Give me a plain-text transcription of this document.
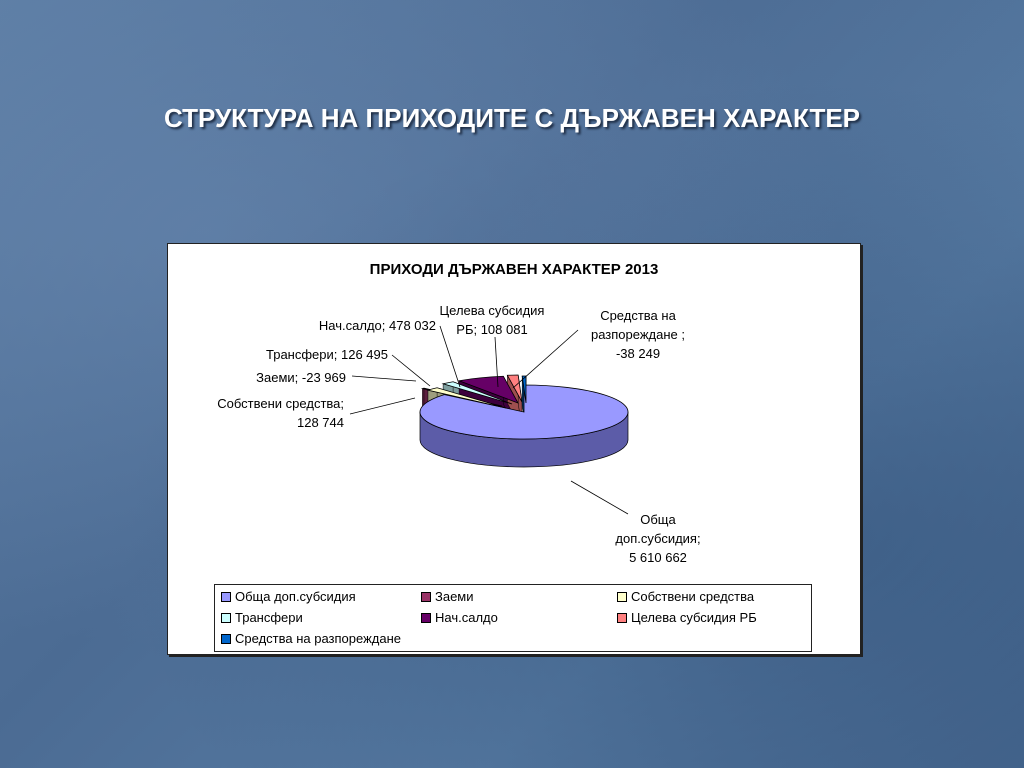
СТРУКТУРА НА ПРИХОДИТЕ С ДЪРЖАВЕН ХАРАКТЕР
ПРИХОДИ ДЪРЖАВЕН ХАРАКТЕР 2013
Обща доп.субсидия; 5 610 662
Заеми; -23 969
Собствени средства; 128 744
Трансфери; 126 495
Нач.салдо; 478 032
Целева субсидия РБ; 108 081
Средства на разпореждане ; -38 249
Обща доп.субсидия	Заеми	Собствени средства
Трансфери	Нач.салдо	Целева субсидия РБ
Средства на разпореждане
